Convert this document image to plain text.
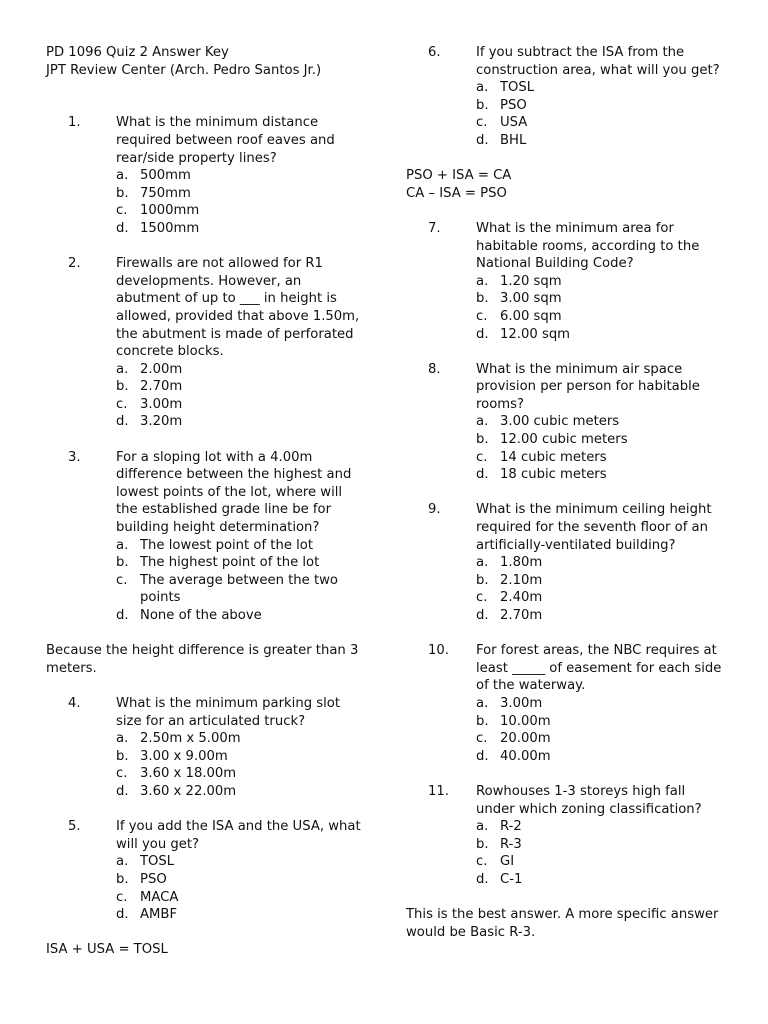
PD 1096 Quiz 2 Answer Key
JPT Review Center (Arch. Pedro Santos Jr.)
1.	What is the minimum distance required between roof eaves and rear/side property lines?

a. 500mm
b. 750mm
c. 1000mm
d. 1500mm
2.	Firewalls are not allowed for R1 developments. However, an abutment of up to ___ in height is allowed, provided that above 1.50m, the abutment is made of perforated concrete blocks.

a. 2.00m
b. 2.70m
c. 3.00m
d. 3.20m
3.	For a sloping lot with a 4.00m difference between the highest and lowest points of the lot, where will the established grade line be for building height determination?

a. The lowest point of the lot
b. The highest point of the lot
c. The average between the two points
d. None of the above

Because the height difference is greater than 3 meters.

4.	What is the minimum parking slot size for an articulated truck?

a. 2.50m x 5.00m
b. 3.00 x 9.00m
c. 3.60 x 18.00m
d. 3.60 x 22.00m
5.	If you add the ISA and the USA, what will you get?

a. TOSL
b. PSO
c. MACA
d. AMBF

ISA + USA = TOSL

6.	If you subtract the ISA from the construction area, what will you get?

a. TOSL
b. PSO
c. USA
d. BHL

PSO + ISA = CA

CA – ISA = PSO

7.	What is the minimum area for habitable rooms, according to the National Building Code?

a. 1.20 sqm
b. 3.00 sqm
c. 6.00 sqm
d. 12.00 sqm
8.	What is the minimum air space provision per person for habitable rooms?

a. 3.00 cubic meters
b. 12.00 cubic meters
c. 14 cubic meters
d. 18 cubic meters
9.	What is the minimum ceiling height required for the seventh floor of an artificially-ventilated building?

a. 1.80m
b. 2.10m
c. 2.40m
d. 2.70m
10.	For forest areas, the NBC requires at least _____ of easement for each side of the waterway.

a. 3.00m
b. 10.00m
c. 20.00m
d. 40.00m
11.	Rowhouses 1-3 storeys high fall under which zoning classification?

a. R-2
b. R-3
c. GI
d. C-1

This is the best answer. A more specific answer would be Basic R-3.
